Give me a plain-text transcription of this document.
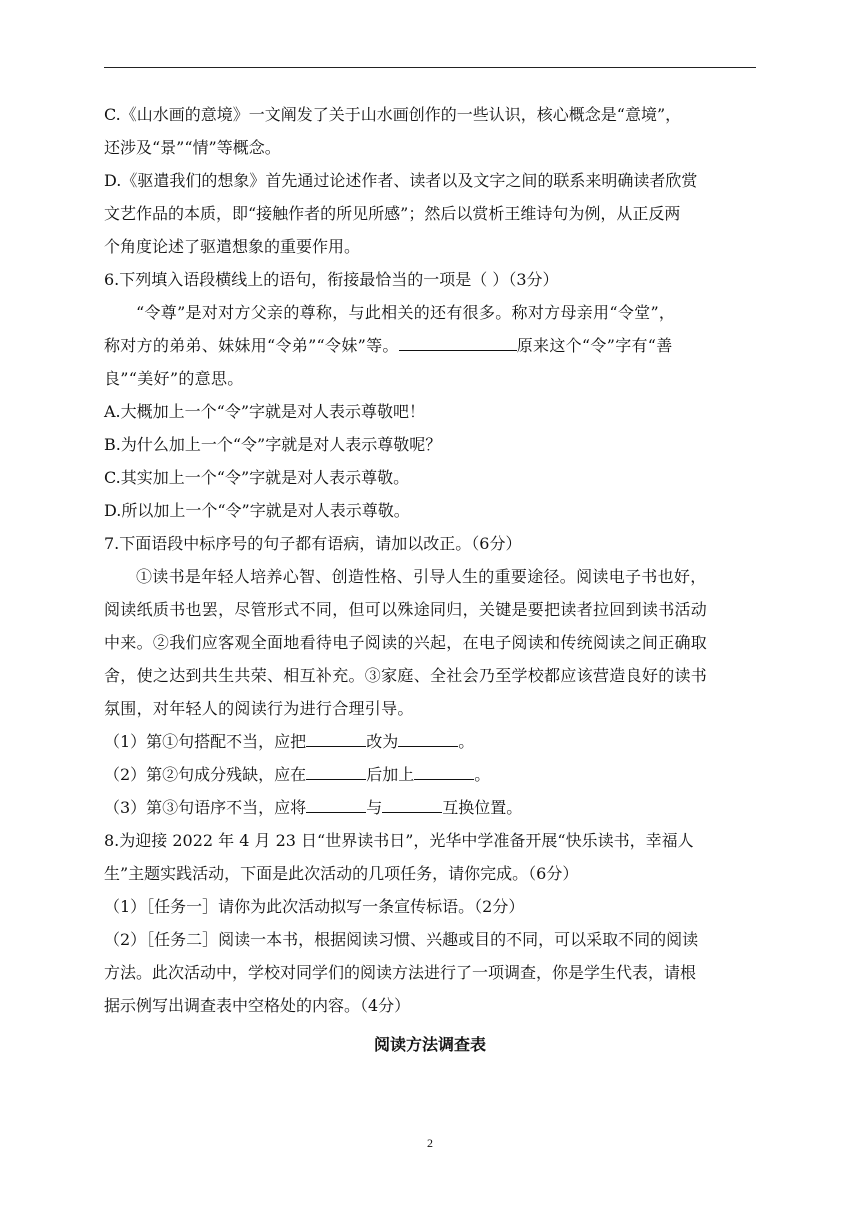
C.《山水画的意境》一文阐发了关于山水画创作的一些认识，核心概念是“意境”，
还涉及“景”“情”等概念。
D.《驱遣我们的想象》首先通过论述作者、读者以及文字之间的联系来明确读者欣赏
文艺作品的本质，即“接触作者的所见所感”；然后以赏析王维诗句为例，从正反两
个角度论述了驱遣想象的重要作用。
6.下列填入语段横线上的语句，衔接最恰当的一项是（ ）（3分）
“令尊”是对对方父亲的尊称，与此相关的还有很多。称对方母亲用“令堂”，
称对方的弟弟、妹妹用“令弟”“令妹”等。	原来这个“令”字有“善
良”“美好”的意思。
A.大概加上一个“令”字就是对人表示尊敬吧！
B.为什么加上一个“令”字就是对人表示尊敬呢？
C.其实加上一个“令”字就是对人表示尊敬。
D.所以加上一个“令”字就是对人表示尊敬。
7.下面语段中标序号的句子都有语病，请加以改正。（6分）
①读书是年轻人培养心智、创造性格、引导人生的重要途径。阅读电子书也好，
阅读纸质书也罢，尽管形式不同，但可以殊途同归，关键是要把读者拉回到读书活动
中来。②我们应客观全面地看待电子阅读的兴起，在电子阅读和传统阅读之间正确取
舍，使之达到共生共荣、相互补充。③家庭、全社会乃至学校都应该营造良好的读书
氛围，对年轻人的阅读行为进行合理引导。
（1）第①句搭配不当，应把	改为	。
（2）第②句成分残缺，应在	后加上	。
（3）第③句语序不当，应将	与	互换位置。
8.为迎接 2022 年 4 月 23 日“世界读书日”，光华中学准备开展“快乐读书，幸福人
生”主题实践活动，下面是此次活动的几项任务，请你完成。（6分）
（1）［任务一］请你为此次活动拟写一条宣传标语。（2分）
（2）［任务二］阅读一本书，根据阅读习惯、兴趣或目的不同，可以采取不同的阅读
方法。此次活动中，学校对同学们的阅读方法进行了一项调查，你是学生代表，请根
据示例写出调查表中空格处的内容。（4分）
阅读方法调查表
2
